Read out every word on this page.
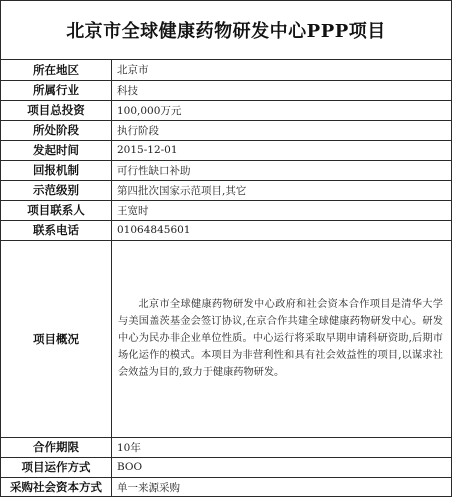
北京市全球健康药物研发中心PPP项目
所在地区	北京市
所属行业	科技
项目总投资	100,000万元
所处阶段	执行阶段
发起时间	2015-12-01
回报机制	可行性缺口补助
示范级别	第四批次国家示范项目,其它
项目联系人	王宽时
联系电话	01064845601
项目概况	北京市全球健康药物研发中心政府和社会资本合作项目是清华大学与美国盖茨基金会签订协议,在京合作共建全球健康药物研发中心。研发中心为民办非企业单位性质。中心运行将采取早期申请科研资助,后期市场化运作的模式。本项目为非营利性和具有社会效益性的项目,以谋求社会效益为目的,致力于健康药物研发。
合作期限	10年
项目运作方式	BOO
采购社会资本方式	单一来源采购
